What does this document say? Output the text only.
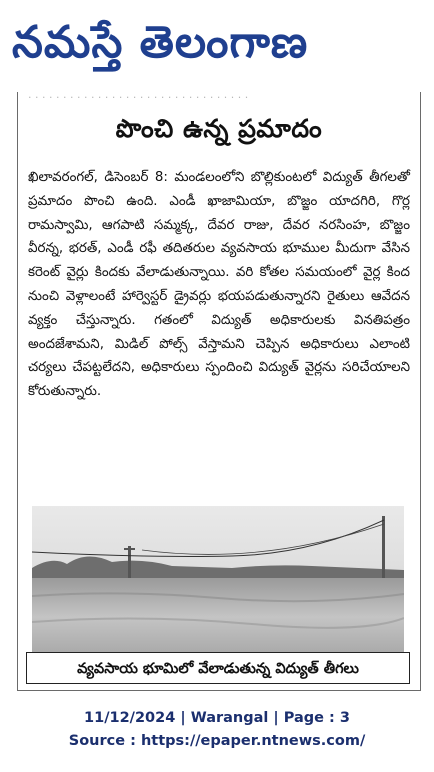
నమస్తే తెలంగాణ
. . . . . . . . . . . . . . . . . . . . . . . . . . . . . . . .
పొంచి ఉన్న ప్రమాదం
ఖిలావరంగల్, డిసెంబర్ 8: మండలంలోని బొల్లికుంటలో విద్యుత్ తీగలతో ప్రమాదం పొంచి ఉంది. ఎండీ ఖాజామియా, బొజ్జం యాదగిరి, గొర్ల రామస్వామి, ఆగపాటి సమ్మక్క, దేవర రాజు, దేవర నరసింహ, బొజ్జం వీరన్న, భరత్, ఎండీ రఫీ తదితరుల వ్యవసాయ భూముల మీదుగా వేసిన కరెంట్ వైర్లు కిందకు వేలాడుతున్నాయి. వరి కోతల సమయంలో వైర్ల కింద నుంచి వెళ్లాలంటే హార్వెస్టర్ డ్రైవర్లు భయపడుతున్నారని రైతులు ఆవేదన వ్యక్తం చేస్తున్నారు. గతంలో విద్యుత్ అధికారులకు వినతిపత్రం అందజేశామని, మిడిల్ పోల్స్ వేస్తామని చెప్పిన అధికారులు ఎలాంటి చర్యలు చేపట్టలేదని, అధికారులు స్పందించి విద్యుత్ వైర్లను సరిచేయాలని కోరుతున్నారు.
వ్యవసాయ భూమిలో వేలాడుతున్న విద్యుత్ తీగలు
11/12/2024 | Warangal | Page : 3
Source : https://epaper.ntnews.com/
